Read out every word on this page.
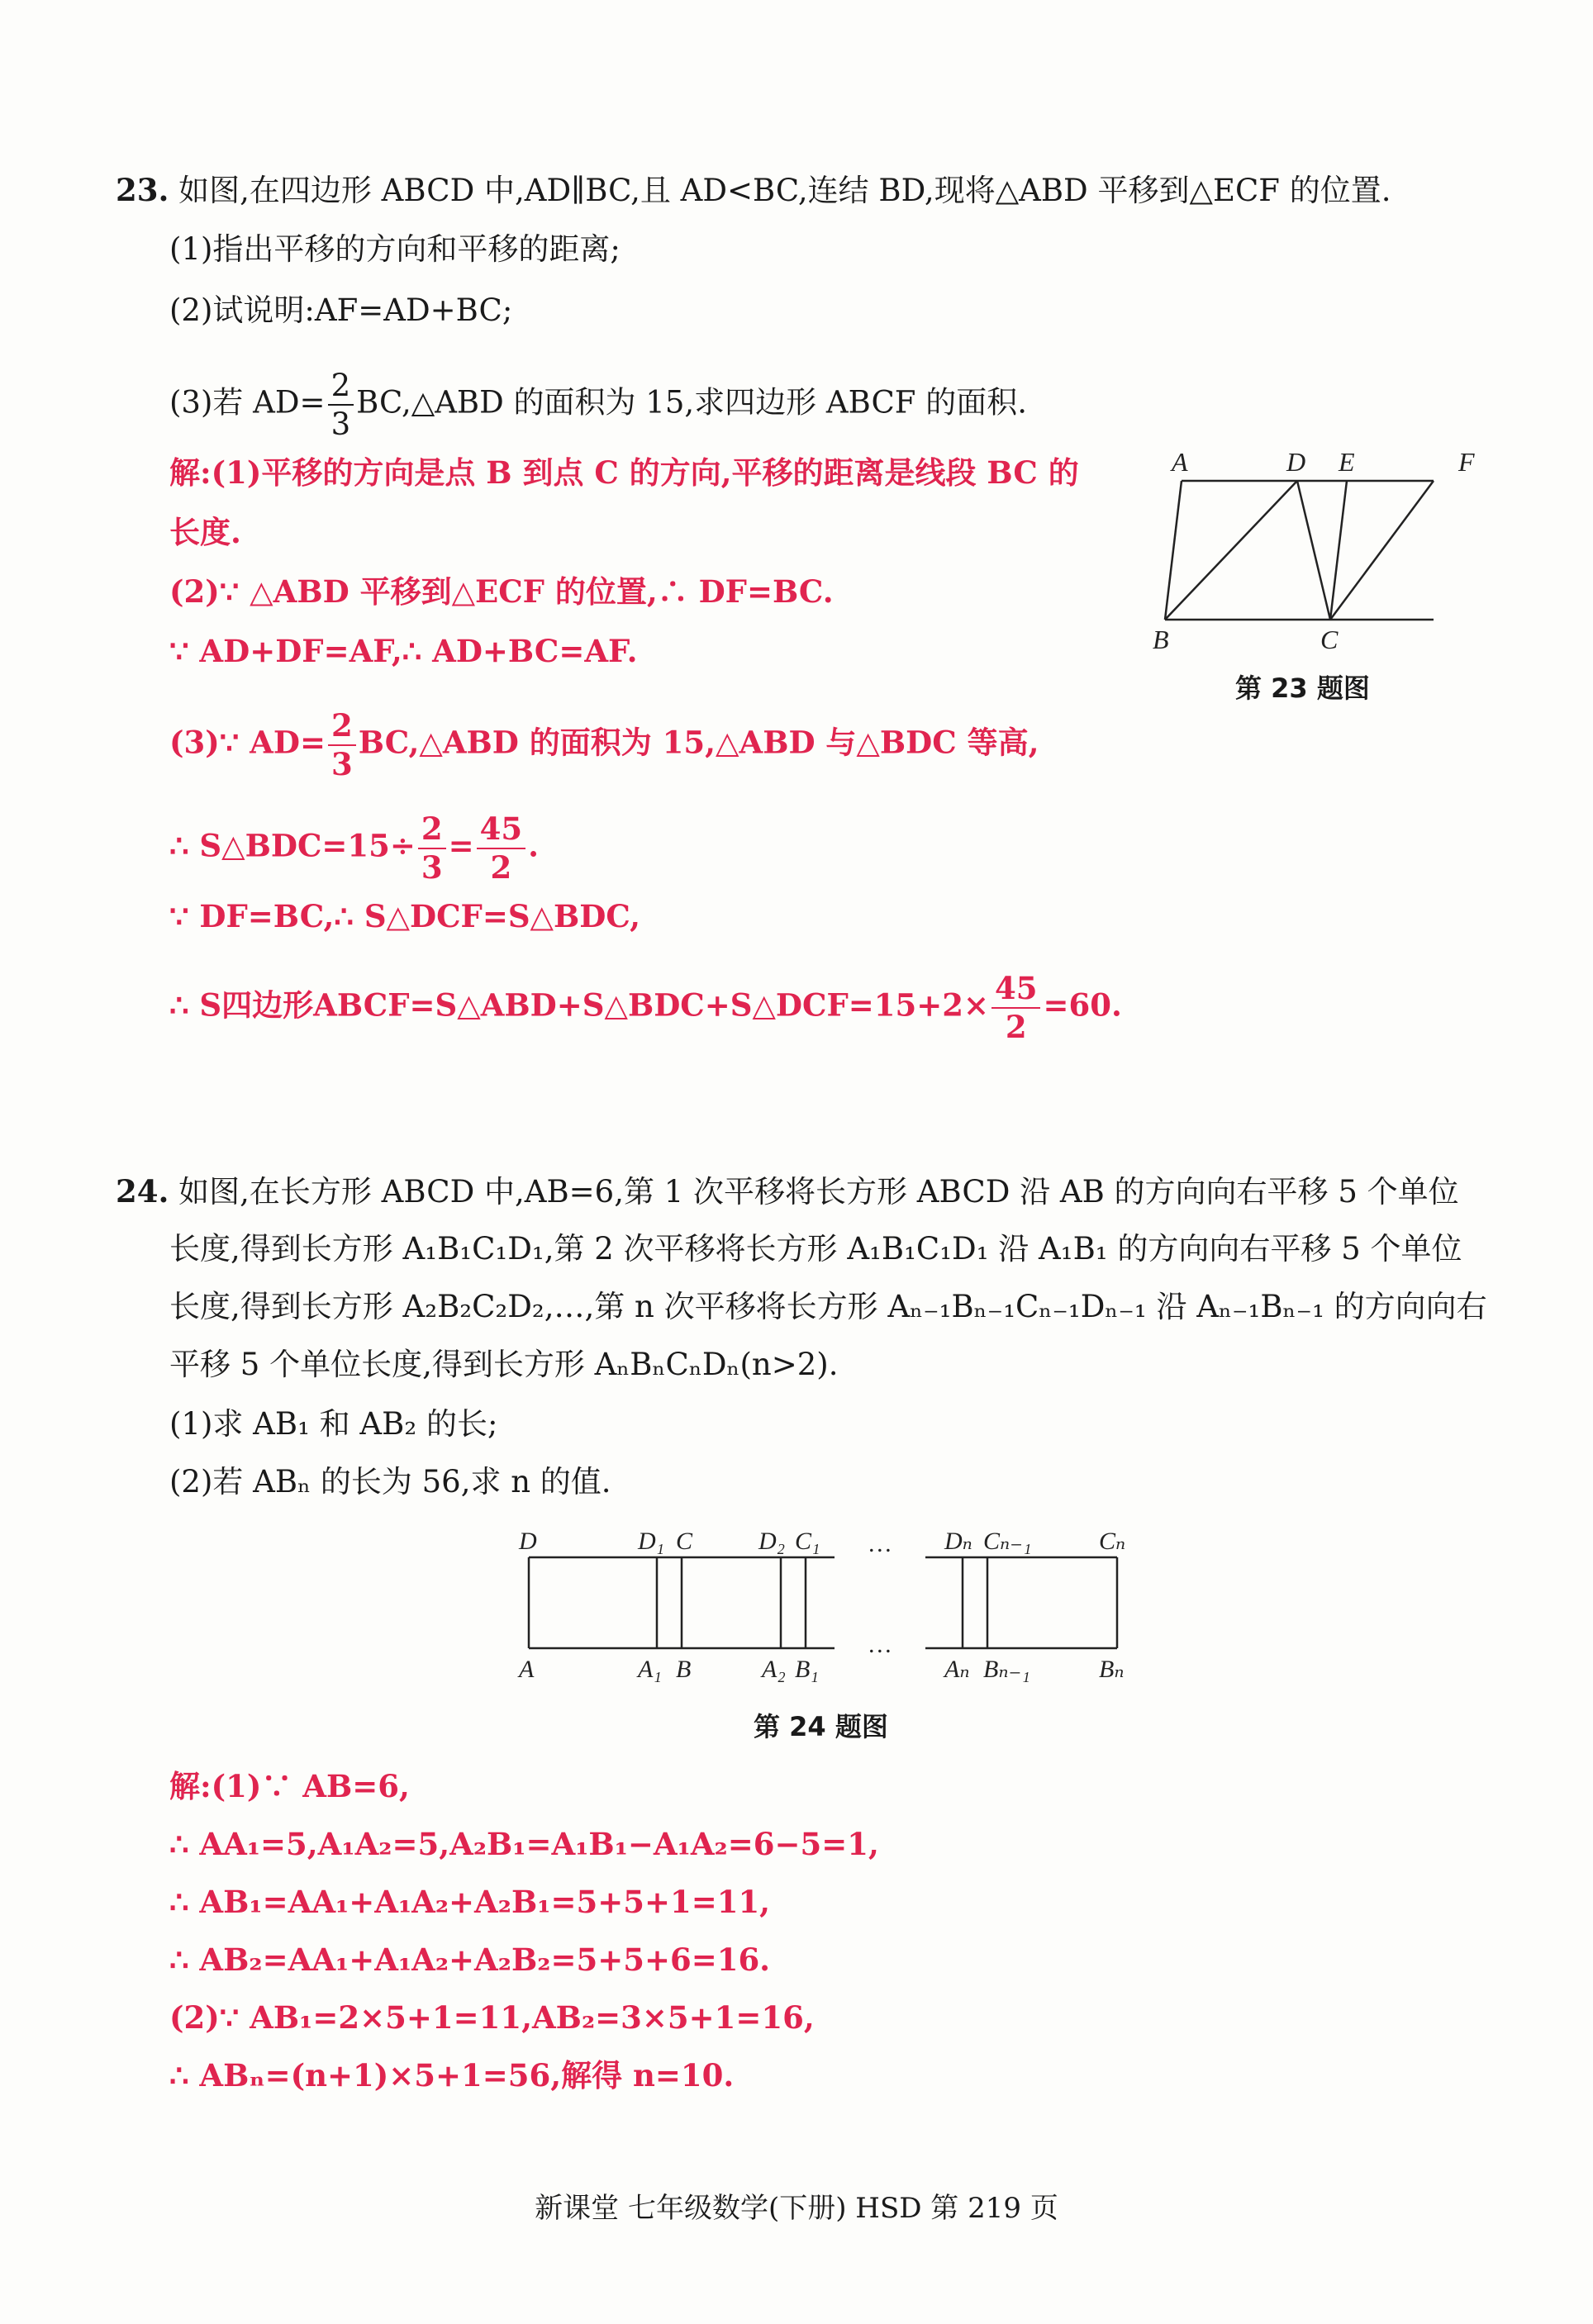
23. 如图,在四边形 ABCD 中,AD∥BC,且 AD<BC,连结 BD,现将△ABD 平移到△ECF 的位置.
(1)指出平移的方向和平移的距离;
(2)试说明:AF=AD+BC;
(3)若 $AD= \frac{2}{3}$ BC,△ABD 的面积为 15,求四边形 ABCF 的面积.
解:(1)平移的方向是点 B 到点 C 的方向,平移的距离是线段 BC 的
长度.
(2)∵ △ABD 平移到△ECF 的位置,∴ DF=BC.
∵ AD+DF=AF,∴ AD+BC=AF.
(3)∵ $AD= \frac{2}{3}$ BC,△ABD 的面积为 15,△ABD 与△BDC 等高,
∴ S△BDC=15÷ $\frac{2}{3} = \frac{45}{2}$ .
∵ DF=BC,∴ S△DCF=S△BDC,
∴ S四边形ABCF=S△ABD+S△BDC+S△DCF=15+2× $\frac{45}{2} =60$.
A	D E	F
B	C
第 23 题图
24. 如图,在长方形 ABCD 中,AB=6,第 1 次平移将长方形 ABCD 沿 AB 的方向向右平移 5 个单位
长度,得到长方形 A₁B₁C₁D₁,第 2 次平移将长方形 A₁B₁C₁D₁ 沿 A₁B₁ 的方向向右平移 5 个单位
长度,得到长方形 A₂B₂C₂D₂,…,第 n 次平移将长方形 Aₙ₋₁Bₙ₋₁Cₙ₋₁Dₙ₋₁ 沿 Aₙ₋₁Bₙ₋₁ 的方向向右
平移 5 个单位长度,得到长方形 AₙBₙCₙDₙ(n>2).
(1)求 AB₁ 和 AB₂ 的长;
(2)若 ABₙ 的长为 56,求 n 的值.
D	D₁ C	D₂ C₁ … Dₙ Cₙ₋₁	Cₙ
A	A₁ B	A₂ B₁
…
Aₙ Bₙ₋₁	Bₙ
第 24 题图
解:(1)∵ AB=6,
∴ AA₁=5,A₁A₂=5,A₂B₁=A₁B₁−A₁A₂=6−5=1,
∴ AB₁=AA₁+A₁A₂+A₂B₁=5+5+1=11,
∴ AB₂=AA₁+A₁A₂+A₂B₂=5+5+6=16.
(2)∵ AB₁=2×5+1=11,AB₂=3×5+1=16,
∴ ABₙ=(n+1)×5+1=56,解得 n=10.
新课堂 七年级数学(下册) HSD 第 219 页
